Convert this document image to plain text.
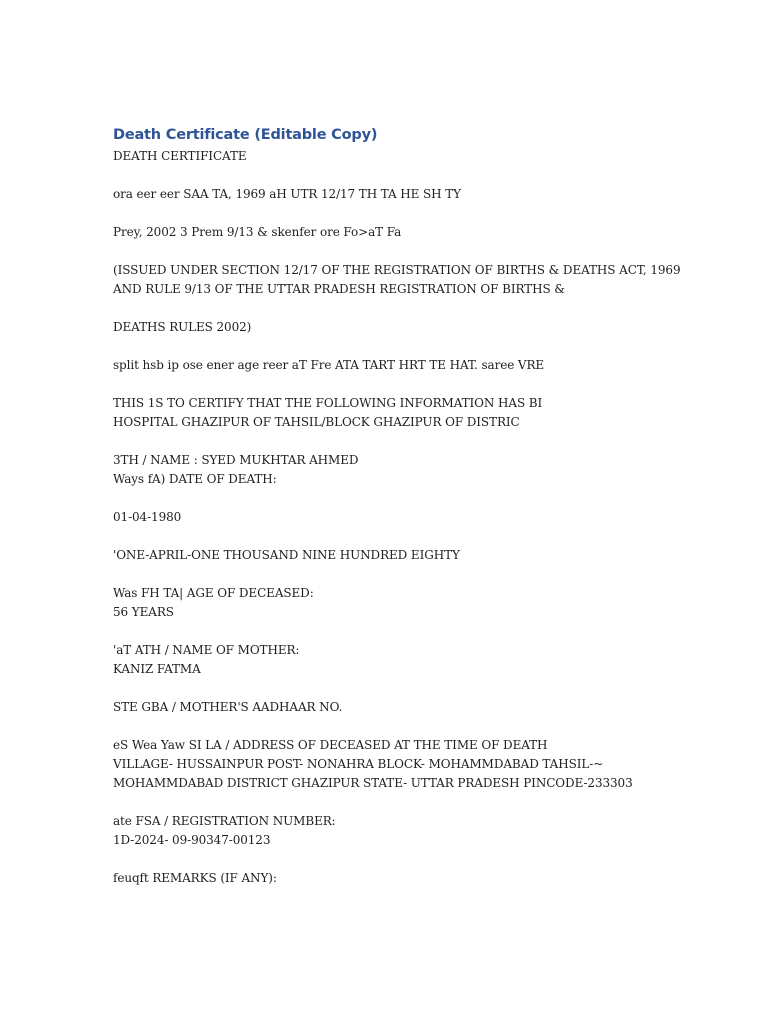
Death Certificate (Editable Copy)
DEATH CERTIFICATE
ora eer eer SAA TA, 1969 aH UTR 12/17 TH TA HE SH TY
Prey, 2002 3 Prem 9/13 & skenfer ore Fo>aT Fa
(ISSUED UNDER SECTION 12/17 OF THE REGISTRATION OF BIRTHS & DEATHS ACT, 1969
AND RULE 9/13 OF THE UTTAR PRADESH REGISTRATION OF BIRTHS &
DEATHS RULES 2002)
split hsb ip ose ener age reer aT Fre ATA TART HRT TE HAT. saree VRE
THIS 1S TO CERTIFY THAT THE FOLLOWING INFORMATION HAS BI
HOSPITAL GHAZIPUR OF TAHSIL/BLOCK GHAZIPUR OF DISTRIC
3TH / NAME : SYED MUKHTAR AHMED
Ways fA) DATE OF DEATH:
01-04-1980
'ONE-APRIL-ONE THOUSAND NINE HUNDRED EIGHTY
Was FH TA| AGE OF DECEASED:
56 YEARS
'aT ATH / NAME OF MOTHER:
KANIZ FATMA
STE GBA / MOTHER'S AADHAAR NO.
eS Wea Yaw SI LA / ADDRESS OF DECEASED AT THE TIME OF DEATH
VILLAGE- HUSSAINPUR POST- NONAHRA BLOCK- MOHAMMDABAD TAHSIL-~
MOHAMMDABAD DISTRICT GHAZIPUR STATE- UTTAR PRADESH PINCODE-233303
ate FSA / REGISTRATION NUMBER:
1D-2024- 09-90347-00123
feuqft REMARKS (IF ANY):
